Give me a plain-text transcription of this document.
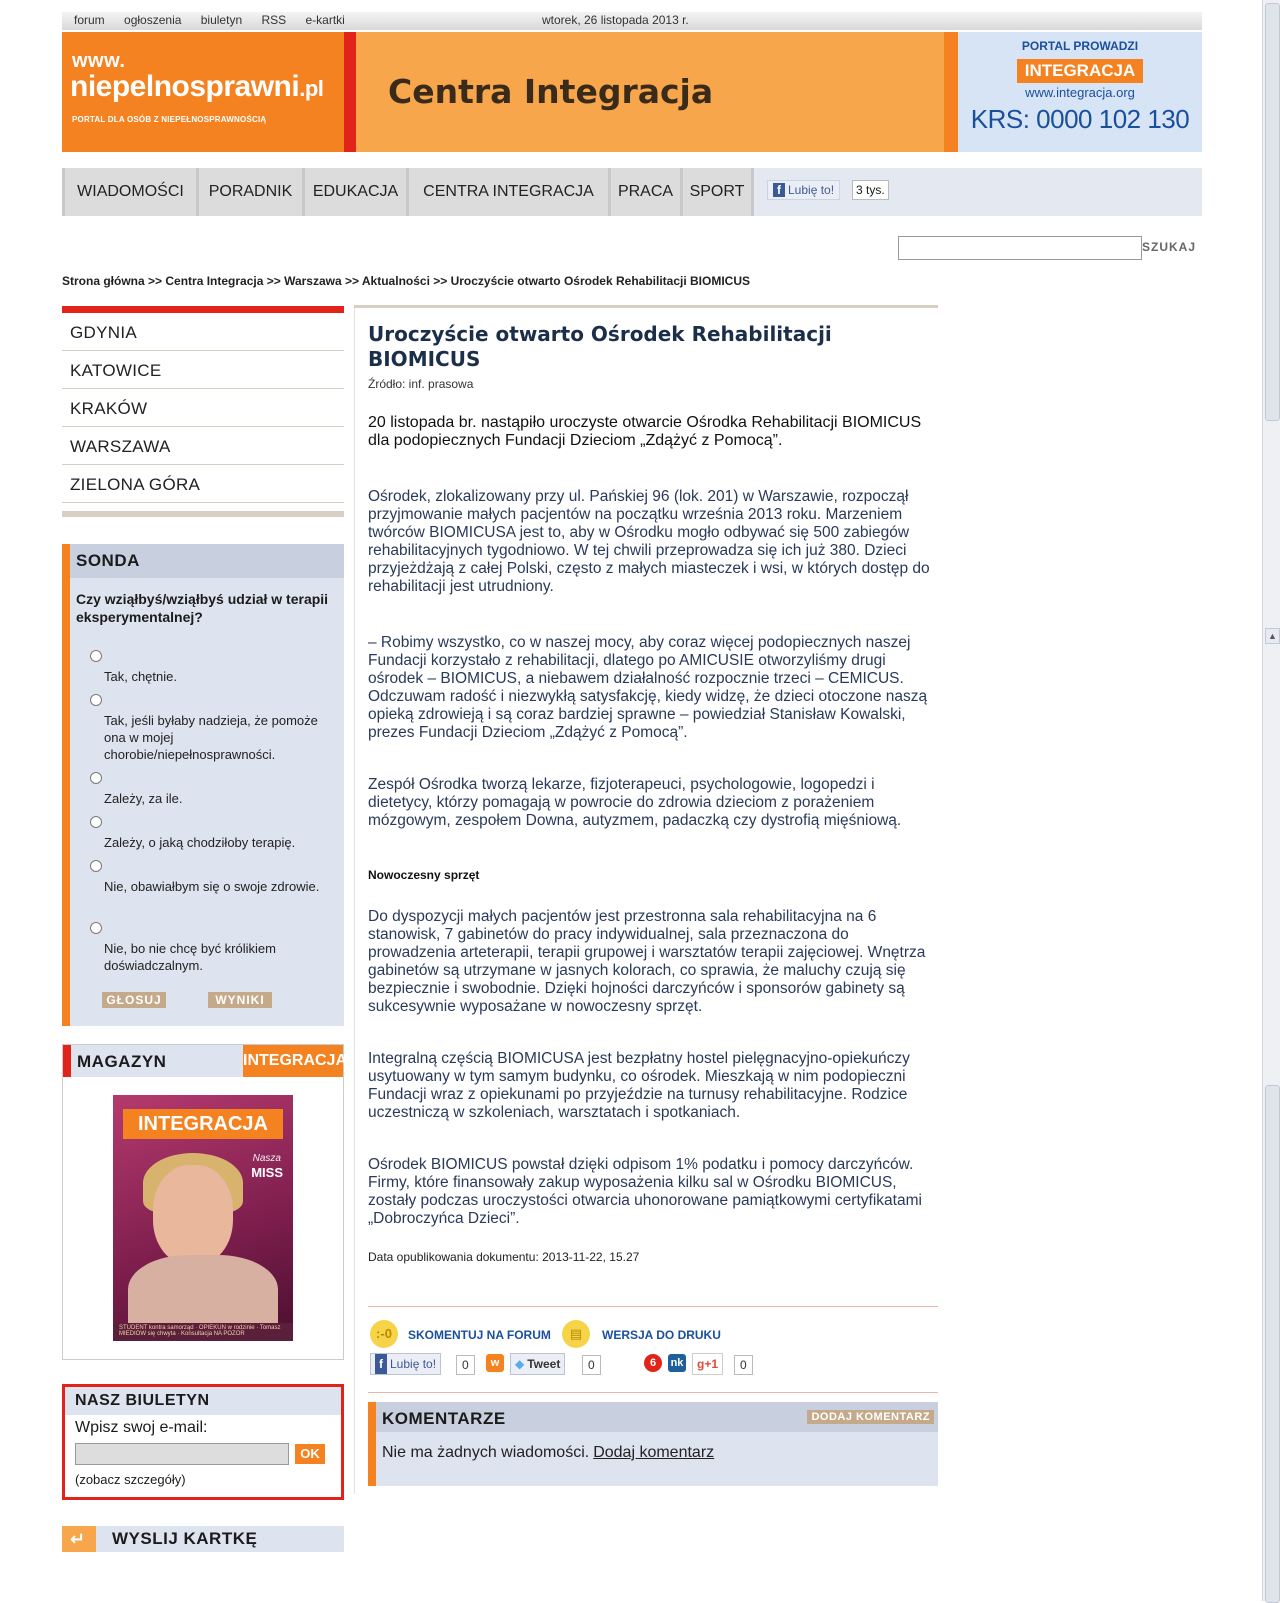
forum ogłoszenia biuletyn RSS e-kartki	wtorek, 26 listopada 2013 r.
www.
niepelnosprawni.pl
PORTAL DLA OSÓB Z NIEPEŁNOSPRAWNOŚCIĄ
Centra Integracja
PORTAL PROWADZI
INTEGRACJA
www.integracja.org
KRS: 0000 102 130
WIADOMOŚCI	PORADNIK	EDUKACJA	CENTRA INTEGRACJA	PRACA	SPORT	f Lubię to!	3 tys.
SZUKAJ
Strona główna >> Centra Integracja >> Warszawa >> Aktualności >> Uroczyście otwarto Ośrodek Rehabilitacji BIOMICUS
GDYNIA
KATOWICE
KRAKÓW
WARSZAWA
ZIELONA GÓRA
SONDA
Czy wziąłbyś/wziąłbyś udział w terapii eksperymentalnej?
Tak, chętnie.
Tak, jeśli byłaby nadzieja, że pomoże ona w mojej chorobie/niepełnosprawności.
Zależy, za ile.
Zależy, o jaką chodziłoby terapię.
Nie, obawiałbym się o swoje zdrowie.
Nie, bo nie chcę być królikiem doświadczalnym.
GŁOSUJ	WYNIKI
MAGAZYN	INTEGRACJA
INTEGRACJA
Nasza
MISS
STUDENT kontra samorząd · OPIEKUN w rodzinie · Tomasz MIEDIOW się chwyta · Konsultacja NA POZOR
NASZ BIULETYN
Wpisz swoj e-mail:
OK
(zobacz szczegóły)
↵ WYSLIJ KARTKĘ
Uroczyście otwarto Ośrodek Rehabilitacji BIOMICUS
Źródło: inf. prasowa
20 listopada br. nastąpiło uroczyste otwarcie Ośrodka Rehabilitacji BIOMICUS dla podopiecznych Fundacji Dzieciom „Zdążyć z Pomocą”.
Ośrodek, zlokalizowany przy ul. Pańskiej 96 (lok. 201) w Warszawie, rozpoczął przyjmowanie małych pacjentów na początku września 2013 roku. Marzeniem twórców BIOMICUSA jest to, aby w Ośrodku mogło odbywać się 500 zabiegów rehabilitacyjnych tygodniowo. W tej chwili przeprowadza się ich już 380. Dzieci przyjeżdżają z całej Polski, często z małych miasteczek i wsi, w których dostęp do rehabilitacji jest utrudniony.
– Robimy wszystko, co w naszej mocy, aby coraz więcej podopiecznych naszej Fundacji korzystało z rehabilitacji, dlatego po AMICUSIE otworzyliśmy drugi ośrodek – BIOMICUS, a niebawem działalność rozpocznie trzeci – CEMICUS. Odczuwam radość i niezwykłą satysfakcję, kiedy widzę, że dzieci otoczone naszą opieką zdrowieją i są coraz bardziej sprawne – powiedział Stanisław Kowalski, prezes Fundacji Dzieciom „Zdążyć z Pomocą”.
Zespół Ośrodka tworzą lekarze, fizjoterapeuci, psychologowie, logopedzi i dietetycy, którzy pomagają w powrocie do zdrowia dzieciom z porażeniem mózgowym, zespołem Downa, autyzmem, padaczką czy dystrofią mięśniową.
Nowoczesny sprzęt
Do dyspozycji małych pacjentów jest przestronna sala rehabilitacyjna na 6 stanowisk, 7 gabinetów do pracy indywidualnej, sala przeznaczona do prowadzenia arteterapii, terapii grupowej i warsztatów terapii zajęciowej. Wnętrza gabinetów są utrzymane w jasnych kolorach, co sprawia, że maluchy czują się bezpiecznie i swobodnie. Dzięki hojności darczyńców i sponsorów gabinety są sukcesywnie wyposażane w nowoczesny sprzęt.
Integralną częścią BIOMICUSA jest bezpłatny hostel pielęgnacyjno-opiekuńczy usytuowany w tym samym budynku, co ośrodek. Mieszkają w nim podopieczni Fundacji wraz z opiekunami po przyjeździe na turnusy rehabilitacyjne. Rodzice uczestniczą w szkoleniach, warsztatach i spotkaniach.
Ośrodek BIOMICUS powstał dzięki odpisom 1% podatku i pomocy darczyńców. Firmy, które finansowały zakup wyposażenia kilku sal w Ośrodku BIOMICUS, zostały podczas uroczystości otwarcia uhonorowane pamiątkowymi certyfikatami „Dobroczyńca Dzieci”.
Data opublikowania dokumentu: 2013-11-22, 15.27
:-0	SKOMENTUJ NA FORUM	▤	WERSJA DO DRUKU
f Lubię to!	0	w	◆ Tweet	0	6	nk	g+1	0
KOMENTARZE	DODAJ KOMENTARZ
Nie ma żadnych wiadomości. Dodaj komentarz
▲
